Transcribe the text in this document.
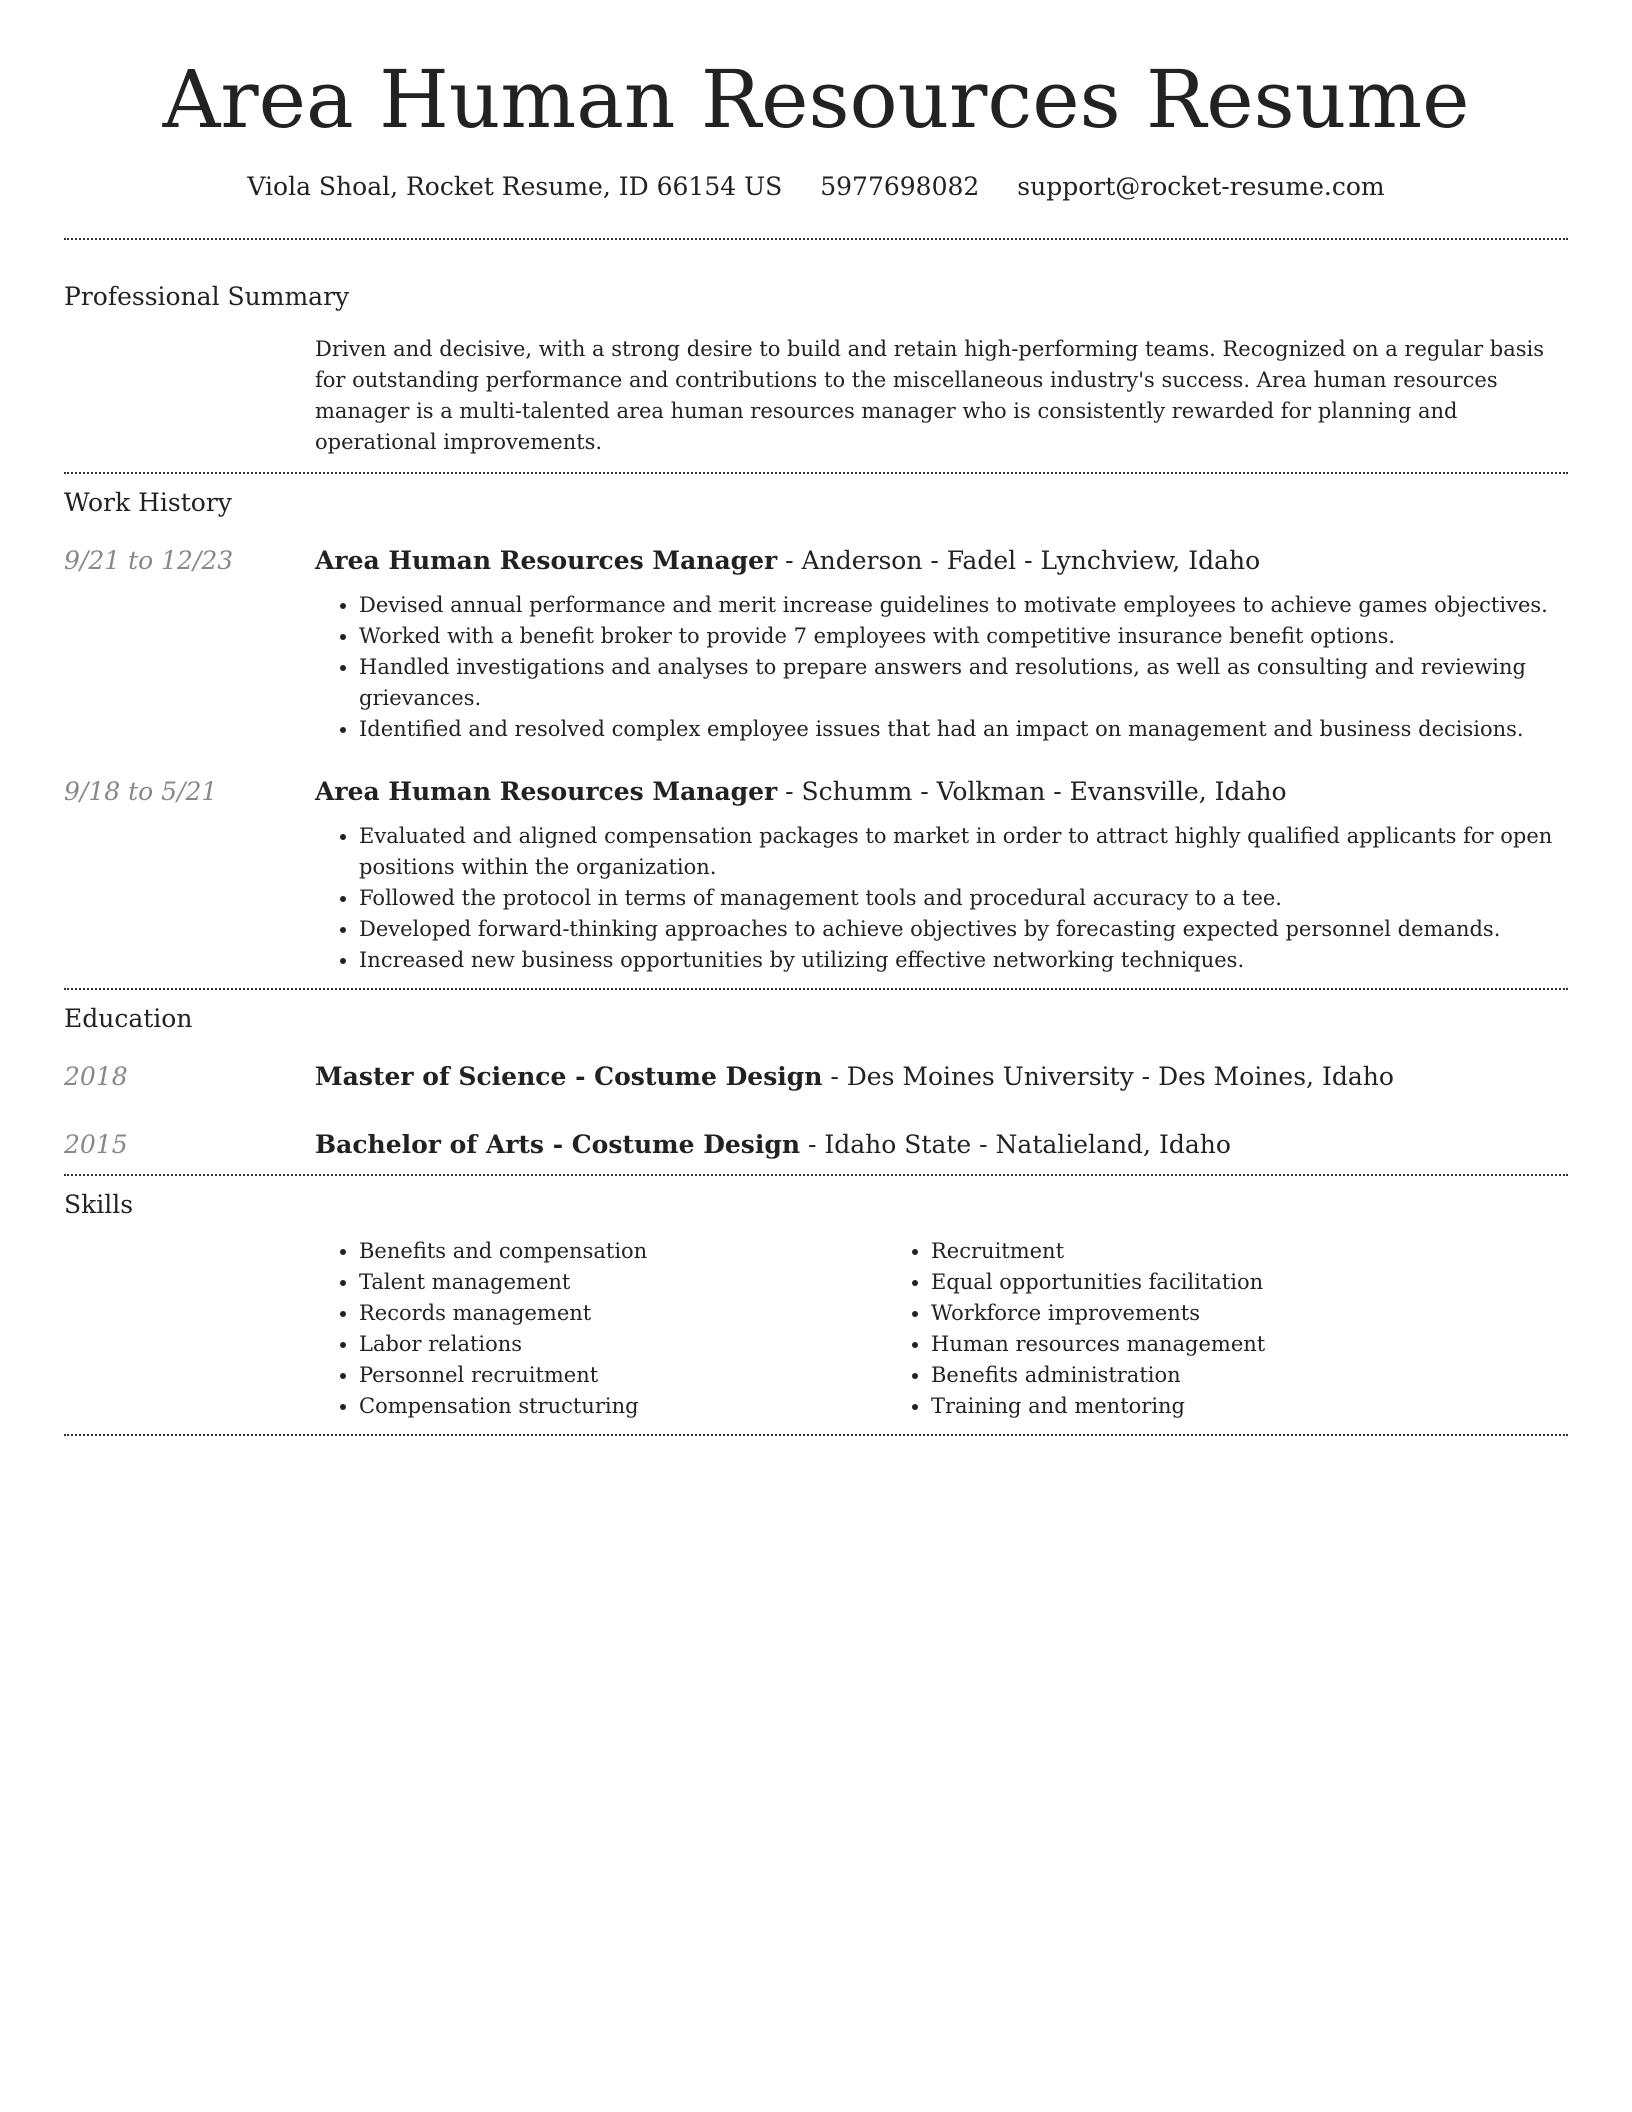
Area Human Resources Resume
Viola Shoal, Rocket Resume, ID 66154 US 5977698082 support@rocket-resume.com
Professional Summary

Driven and decisive, with a strong desire to build and retain high-performing teams. Recognized on a regular basis for outstanding performance and contributions to the miscellaneous industry's success. Area human resources manager is a multi-talented area human resources manager who is consistently rewarded for planning and operational improvements.

Work History
9/21 to 12/23	Area Human Resources Manager - Anderson - Fadel - Lynchview, Idaho
• Devised annual performance and merit increase guidelines to motivate employees to achieve games objectives.
• Worked with a benefit broker to provide 7 employees with competitive insurance benefit options.
• Handled investigations and analyses to prepare answers and resolutions, as well as consulting and reviewing grievances.
• Identified and resolved complex employee issues that had an impact on management and business decisions.
9/18 to 5/21	Area Human Resources Manager - Schumm - Volkman - Evansville, Idaho
• Evaluated and aligned compensation packages to market in order to attract highly qualified applicants for open positions within the organization.
• Followed the protocol in terms of management tools and procedural accuracy to a tee.
• Developed forward-thinking approaches to achieve objectives by forecasting expected personnel demands.
• Increased new business opportunities by utilizing effective networking techniques.
Education
2018	Master of Science - Costume Design - Des Moines University - Des Moines, Idaho
2015	Bachelor of Arts - Costume Design - Idaho State - Natalieland, Idaho
Skills
• Benefits and compensation
• Talent management
• Records management
• Labor relations
• Personnel recruitment
• Compensation structuring
• Recruitment
• Equal opportunities facilitation
• Workforce improvements
• Human resources management
• Benefits administration
• Training and mentoring
